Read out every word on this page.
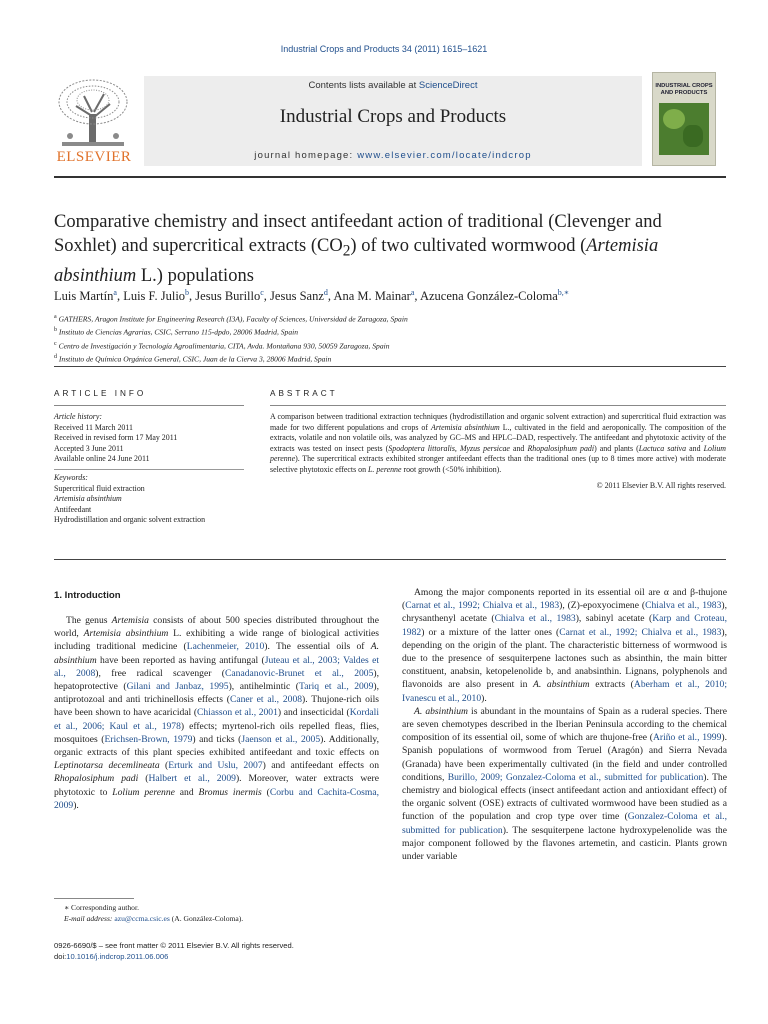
Industrial Crops and Products 34 (2011) 1615–1621
ELSEVIER
Contents lists available at ScienceDirect
Industrial Crops and Products
journal homepage: www.elsevier.com/locate/indcrop
INDUSTRIAL CROPS AND PRODUCTS
Comparative chemistry and insect antifeedant action of traditional (Clevenger and Soxhlet) and supercritical extracts $(CO_2)$ of two cultivated wormwood (Artemisia absinthium L.) populations
Luis Martín$^a$, Luis F. Julio$^b$, Jesus Burillo$^c$, Jesus Sanz$^d$, Ana M. Mainar$^a$, Azucena González-Coloma$^{b,∗}$
$^a$ GATHERS, Aragon Institute for Engineering Research (I3A), Faculty of Sciences, Universidad de Zaragoza, Spain
$^b$ Instituto de Ciencias Agrarias, CSIC, Serrano 115-dpdo, 28006 Madrid, Spain
$^c$ Centro de Investigación y Tecnología Agroalimentaria, CITA, Avda. Montañana 930, 50059 Zaragoza, Spain
$^d$ Instituto de Química Orgánica General, CSIC, Juan de la Cierva 3, 28006 Madrid, Spain
ARTICLE INFO	ABSTRACT
Article history:
Received 11 March 2011
Received in revised form 17 May 2011
Accepted 3 June 2011
Available online 24 June 2011
Keywords:
Supercritical fluid extraction
Artemisia absinthium
Antifeedant
Hydrodistillation and organic solvent extraction
A comparison between traditional extraction techniques (hydrodistillation and organic solvent extraction) and supercritical fluid extraction was made for two different populations and crops of Artemisia absinthium L., cultivated in the field and aeroponically. The composition of the extracts, volatile and non volatile oils, was analyzed by GC–MS and HPLC–DAD, respectively. The antifeedant and phytotoxic activity of the extracts was tested on insect pests (Spodoptera littoralis, Myzus persicae and Rhopalosiphum padi) and plants (Lactuca sativa and Lolium perenne). The supercritical extracts exhibited stronger antifeedant effects than the traditional ones (up to 8 times more active) with moderate selective phytotoxic effects on L. perenne root growth (<50% inhibition).
© 2011 Elsevier B.V. All rights reserved.
1. Introduction

The genus Artemisia consists of about 500 species distributed throughout the world, Artemisia absinthium L. exhibiting a wide range of biological activities including traditional medicine (Lachenmeier, 2010). The essential oils of A. absinthium have been reported as having antifungal (Juteau et al., 2003; Valdes et al., 2008), free radical scavenger (Canadanovic-Brunet et al., 2005), hepatoprotective (Gilani and Janbaz, 1995), antihelmintic (Tariq et al., 2009), antiprotozoal and anti trichinellosis effects (Caner et al., 2008). Thujone-rich oils have been shown to have acaricidal (Chiasson et al., 2001) and insecticidal (Kordali et al., 2006; Kaul et al., 1978) effects; myrtenol-rich oils repelled fleas, flies, mosquitoes (Erichsen-Brown, 1979) and ticks (Jaenson et al., 2005). Additionally, organic extracts of this plant species exhibited antifeedant and toxic effects on Leptinotarsa decemlineata (Erturk and Uslu, 2007) and antifeedant effects on Rhopalosiphum padi (Halbert et al., 2009). Moreover, water extracts were phytotoxic to Lolium perenne and Bromus inermis (Corbu and Cachita-Cosma, 2009).

Among the major components reported in its essential oil are α and β-thujone (Carnat et al., 1992; Chialva et al., 1983), (Z)-epoxyocimene (Chialva et al., 1983), chrysanthenyl acetate (Chialva et al., 1983), sabinyl acetate (Karp and Croteau, 1982) or a mixture of the latter ones (Carnat et al., 1992; Chialva et al., 1983), depending on the origin of the plant. The characteristic bitterness of wormwood is due to the presence of sesquiterpene lactones such as absinthin, the main bitter constituent, anabsin, ketopelenolide b, and anabsinthin. Lignans, polyphenols and flavonoids are also present in A. absinthium extracts (Aberham et al., 2010; Ivanescu et al., 2010).

A. absinthium is abundant in the mountains of Spain as a ruderal species. There are seven chemotypes described in the Iberian Peninsula according to the chemical composition of its essential oil, some of which are thujone-free (Ariño et al., 1999). Spanish populations of wormwood from Teruel (Aragón) and Sierra Nevada (Granada) have been experimentally cultivated (in the field and under controlled conditions, Burillo, 2009; Gonzalez-Coloma et al., submitted for publication). The chemistry and biological effects (insect antifeedant action and antioxidant effect) of the organic solvent (OSE) extracts of cultivated wormwood have been studied as a function of the population and crop type over time (Gonzalez-Coloma et al., submitted for publication). The sesquiterpene lactone hydroxypelenolide was the major component followed by the flavones artemetin, and casticin. Plants grown under variable

∗ Corresponding author.
E-mail address: azu@ccma.csic.es (A. González-Coloma).
0926-6690/$ – see front matter © 2011 Elsevier B.V. All rights reserved.
doi:10.1016/j.indcrop.2011.06.006
